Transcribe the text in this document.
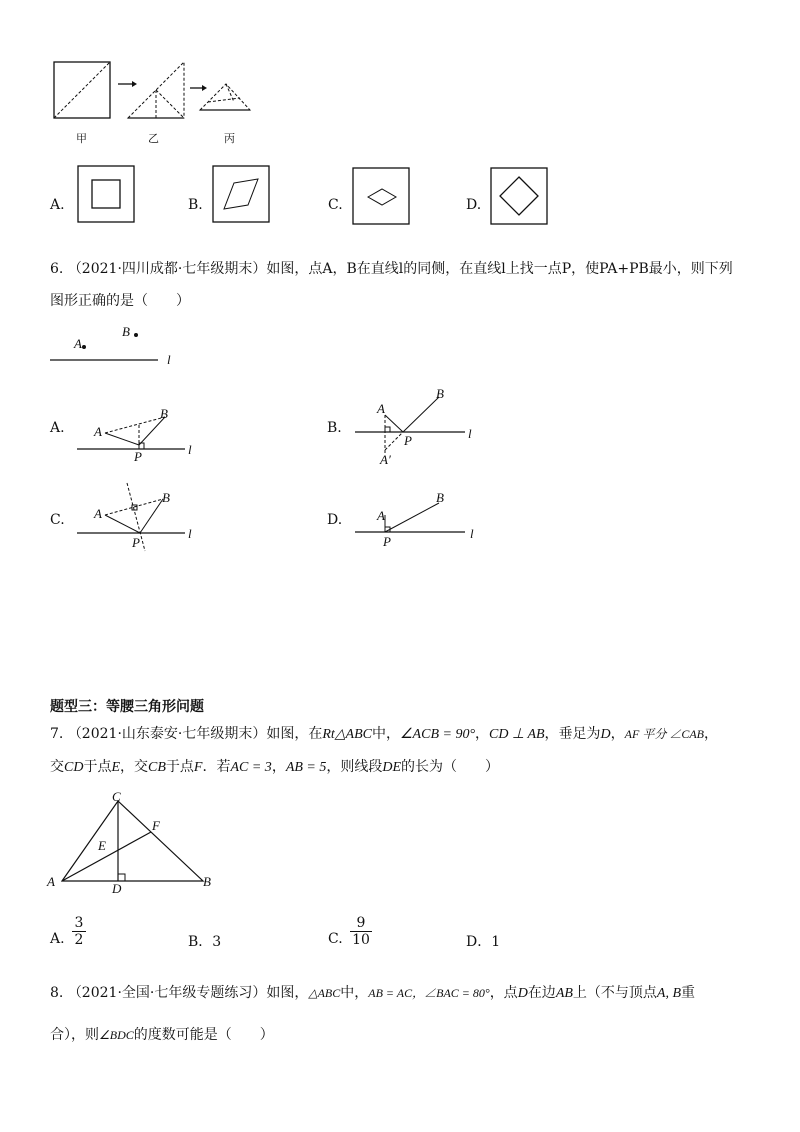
甲	乙	丙
A.	B.	C.	D.
6. （2021·四川成都·七年级期末）如图，点A，B在直线l的同侧，在直线l上找一点P，使PA+PB最小，则下列
图形正确的是（　　）
A
B
l
A. A
B
P	l
B.
A
B
P
A′
l
C. A
B
P
l
D.	A
B
P
l
题型三：等腰三角形问题
7. （2021·山东泰安·七年级期末）如图，在Rt△ABC中，∠ACB = 90°，CD ⊥ AB，垂足为D，AF 平分 ∠CAB，
交CD于点E，交CB于点F．若AC = 3，AB = 5，则线段DE的长为（　　）
C
F
E
A	D	B
A. $\frac{3}{2}$	B．3	C. $\frac{9}{10}$	D．1
8. （2021·全国·七年级专题练习）如图，△ABC中，AB = AC，∠BAC = 80°，点D在边AB上（不与顶点A, B重
合），则∠BDC的度数可能是（　　）
